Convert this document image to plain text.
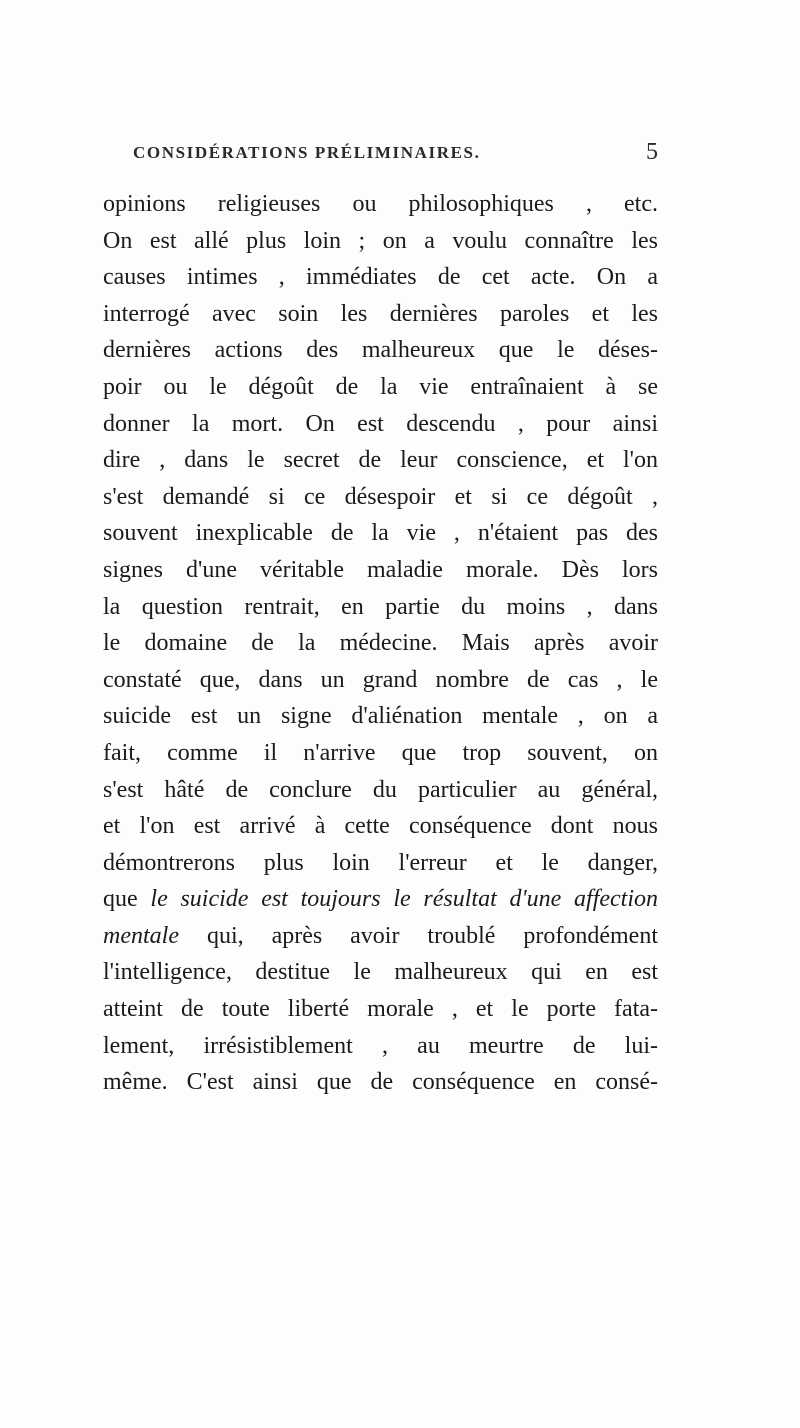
CONSIDÉRATIONS PRÉLIMINAIRES.	5
opinions religieuses ou philosophiques , etc.
On est allé plus loin ; on a voulu connaître les
causes intimes , immédiates de cet acte. On a
interrogé avec soin les dernières paroles et les
dernières actions des malheureux que le déses-
poir ou le dégoût de la vie entraînaient à se
donner la mort. On est descendu , pour ainsi
dire , dans le secret de leur conscience, et l'on
s'est demandé si ce désespoir et si ce dégoût ,
souvent inexplicable de la vie , n'étaient pas des
signes d'une véritable maladie morale. Dès lors
la question rentrait, en partie du moins , dans
le domaine de la médecine. Mais après avoir
constaté que, dans un grand nombre de cas , le
suicide est un signe d'aliénation mentale , on a
fait, comme il n'arrive que trop souvent, on
s'est hâté de conclure du particulier au général,
et l'on est arrivé à cette conséquence dont nous
démontrerons plus loin l'erreur et le danger,
que le suicide est toujours le résultat d'une affection
mentale qui, après avoir troublé profondément
l'intelligence, destitue le malheureux qui en est
atteint de toute liberté morale , et le porte fata-
lement, irrésistiblement , au meurtre de lui-
même. C'est ainsi que de conséquence en consé-
